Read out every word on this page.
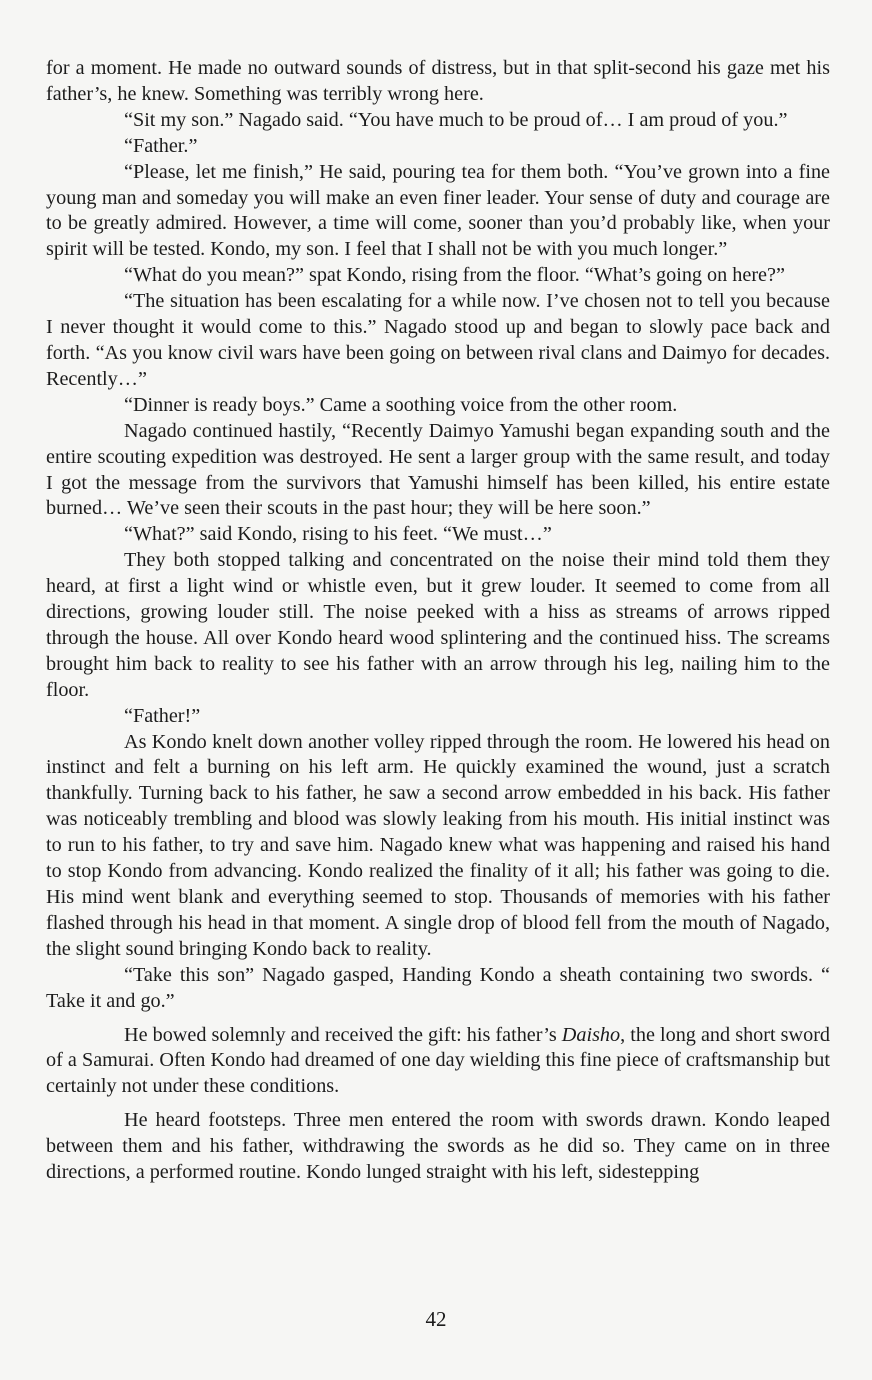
for a moment. He made no outward sounds of distress, but in that split-second his gaze met his father’s, he knew. Something was terribly wrong here.

“Sit my son.” Nagado said. “You have much to be proud of… I am proud of you.”

“Father.”

“Please, let me finish,” He said, pouring tea for them both. “You’ve grown into a fine young man and someday you will make an even finer leader. Your sense of duty and courage are to be greatly admired. However, a time will come, sooner than you’d probably like, when your spirit will be tested. Kondo, my son. I feel that I shall not be with you much longer.”

“What do you mean?” spat Kondo, rising from the floor. “What’s going on here?”

“The situation has been escalating for a while now. I’ve chosen not to tell you because I never thought it would come to this.” Nagado stood up and began to slowly pace back and forth. “As you know civil wars have been going on between rival clans and Daimyo for decades. Recently…”

“Dinner is ready boys.” Came a soothing voice from the other room.

Nagado continued hastily, “Recently Daimyo Yamushi began expanding south and the entire scouting expedition was destroyed. He sent a larger group with the same result, and today I got the message from the survivors that Yamushi himself has been killed, his entire estate burned… We’ve seen their scouts in the past hour; they will be here soon.”

“What?” said Kondo, rising to his feet. “We must…”

They both stopped talking and concentrated on the noise their mind told them they heard, at first a light wind or whistle even, but it grew louder. It seemed to come from all directions, growing louder still. The noise peeked with a hiss as streams of arrows ripped through the house. All over Kondo heard wood splintering and the continued hiss. The screams brought him back to reality to see his father with an arrow through his leg, nailing him to the floor.

“Father!”

As Kondo knelt down another volley ripped through the room. He lowered his head on instinct and felt a burning on his left arm. He quickly examined the wound, just a scratch thankfully. Turning back to his father, he saw a second arrow embedded in his back. His father was noticeably trembling and blood was slowly leaking from his mouth. His initial instinct was to run to his father, to try and save him. Nagado knew what was happening and raised his hand to stop Kondo from advancing. Kondo realized the finality of it all; his father was going to die. His mind went blank and everything seemed to stop. Thousands of memories with his father flashed through his head in that moment. A single drop of blood fell from the mouth of Nagado, the slight sound bringing Kondo back to reality.

“Take this son” Nagado gasped, Handing Kondo a sheath containing two swords. “ Take it and go.”

He bowed solemnly and received the gift: his father’s Daisho, the long and short sword of a Samurai. Often Kondo had dreamed of one day wielding this fine piece of craftsmanship but certainly not under these conditions.

He heard footsteps. Three men entered the room with swords drawn. Kondo leaped between them and his father, withdrawing the swords as he did so. They came on in three directions, a performed routine. Kondo lunged straight with his left, sidestepping

42
